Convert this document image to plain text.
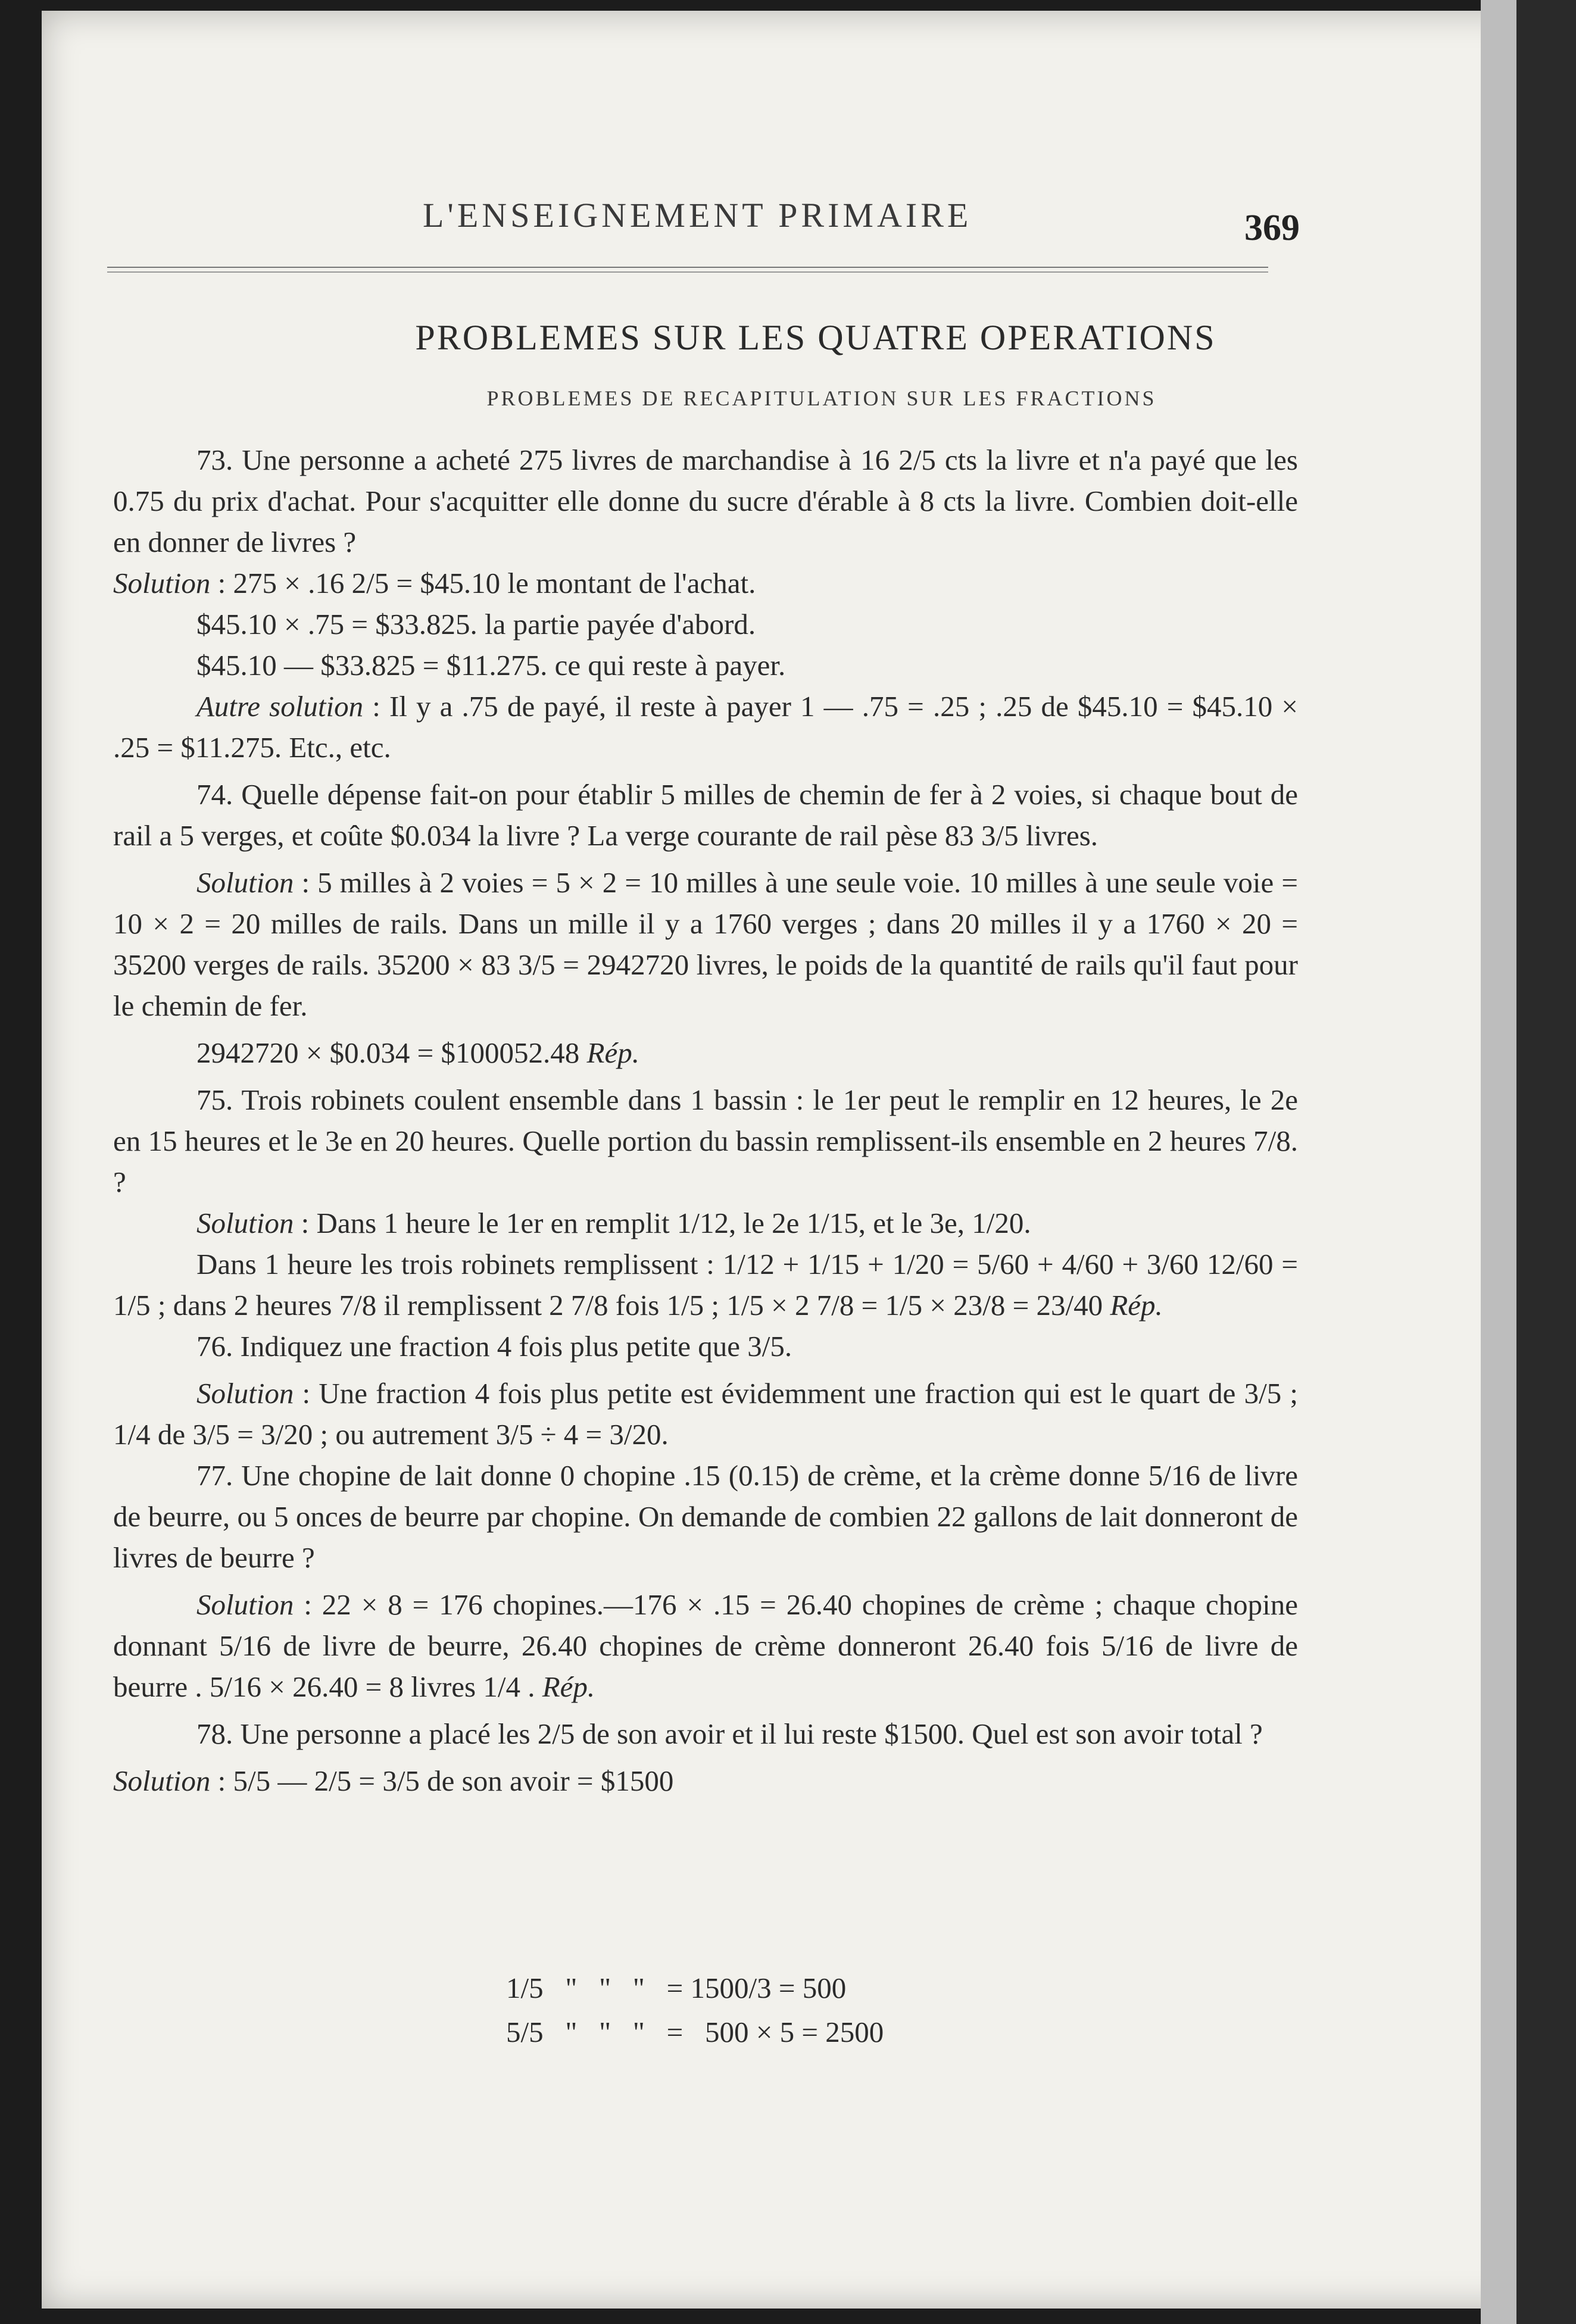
L'ENSEIGNEMENT PRIMAIRE	369
PROBLEMES SUR LES QUATRE OPERATIONS
PROBLEMES DE RECAPITULATION SUR LES FRACTIONS

73. Une personne a acheté 275 livres de marchandise à 16 2/5 cts la livre et n'a payé que les 0.75 du prix d'achat. Pour s'acquitter elle donne du sucre d'érable à 8 cts la livre. Combien doit-elle en donner de livres ?

Solution : 275 × .16 2/5 = $45.10 le montant de l'achat.

$45.10 × .75 = $33.825. la partie payée d'abord.

$45.10 — $33.825 = $11.275. ce qui reste à payer.

Autre solution : Il y a .75 de payé, il reste à payer 1 — .75 = .25 ; .25 de $45.10 = $45.10 × .25 = $11.275. Etc., etc.

74. Quelle dépense fait-on pour établir 5 milles de chemin de fer à 2 voies, si chaque bout de rail a 5 verges, et coûte $0.034 la livre ? La verge courante de rail pèse 83 3/5 livres.

Solution : 5 milles à 2 voies = 5 × 2 = 10 milles à une seule voie. 10 milles à une seule voie = 10 × 2 = 20 milles de rails. Dans un mille il y a 1760 verges ; dans 20 milles il y a 1760 × 20 = 35200 verges de rails. 35200 × 83 3/5 = 2942720 livres, le poids de la quantité de rails qu'il faut pour le chemin de fer.

2942720 × $0.034 = $100052.48 Rép.

75. Trois robinets coulent ensemble dans 1 bassin : le 1er peut le remplir en 12 heures, le 2e en 15 heures et le 3e en 20 heures. Quelle portion du bassin remplissent-ils ensemble en 2 heures 7/8. ?

Solution : Dans 1 heure le 1er en remplit 1/12, le 2e 1/15, et le 3e, 1/20.

Dans 1 heure les trois robinets remplissent : 1/12 + 1/15 + 1/20 = 5/60 + 4/60 + 3/60 12/60 = 1/5 ; dans 2 heures 7/8 il remplissent 2 7/8 fois 1/5 ; 1/5 × 2 7/8 = 1/5 × 23/8 = 23/40 Rép.

76. Indiquez une fraction 4 fois plus petite que 3/5.

Solution : Une fraction 4 fois plus petite est évidemment une fraction qui est le quart de 3/5 ; 1/4 de 3/5 = 3/20 ; ou autrement 3/5 ÷ 4 = 3/20.

77. Une chopine de lait donne 0 chopine .15 (0.15) de crème, et la crème donne 5/16 de livre de beurre, ou 5 onces de beurre par chopine. On demande de combien 22 gallons de lait donneront de livres de beurre ?

Solution : 22 × 8 = 176 chopines.—176 × .15 = 26.40 chopines de crème ; chaque chopine donnant 5/16 de livre de beurre, 26.40 chopines de crème donneront 26.40 fois 5/16 de livre de beurre . 5/16 × 26.40 = 8 livres 1/4 . Rép.

78. Une personne a placé les 2/5 de son avoir et il lui reste $1500. Quel est son avoir total ?

Solution : 5/5 — 2/5 = 3/5 de son avoir = $1500

1/5   "   "   "   = 1500/3 = 500
5/5   "   "   "   =   500 × 5 = 2500
